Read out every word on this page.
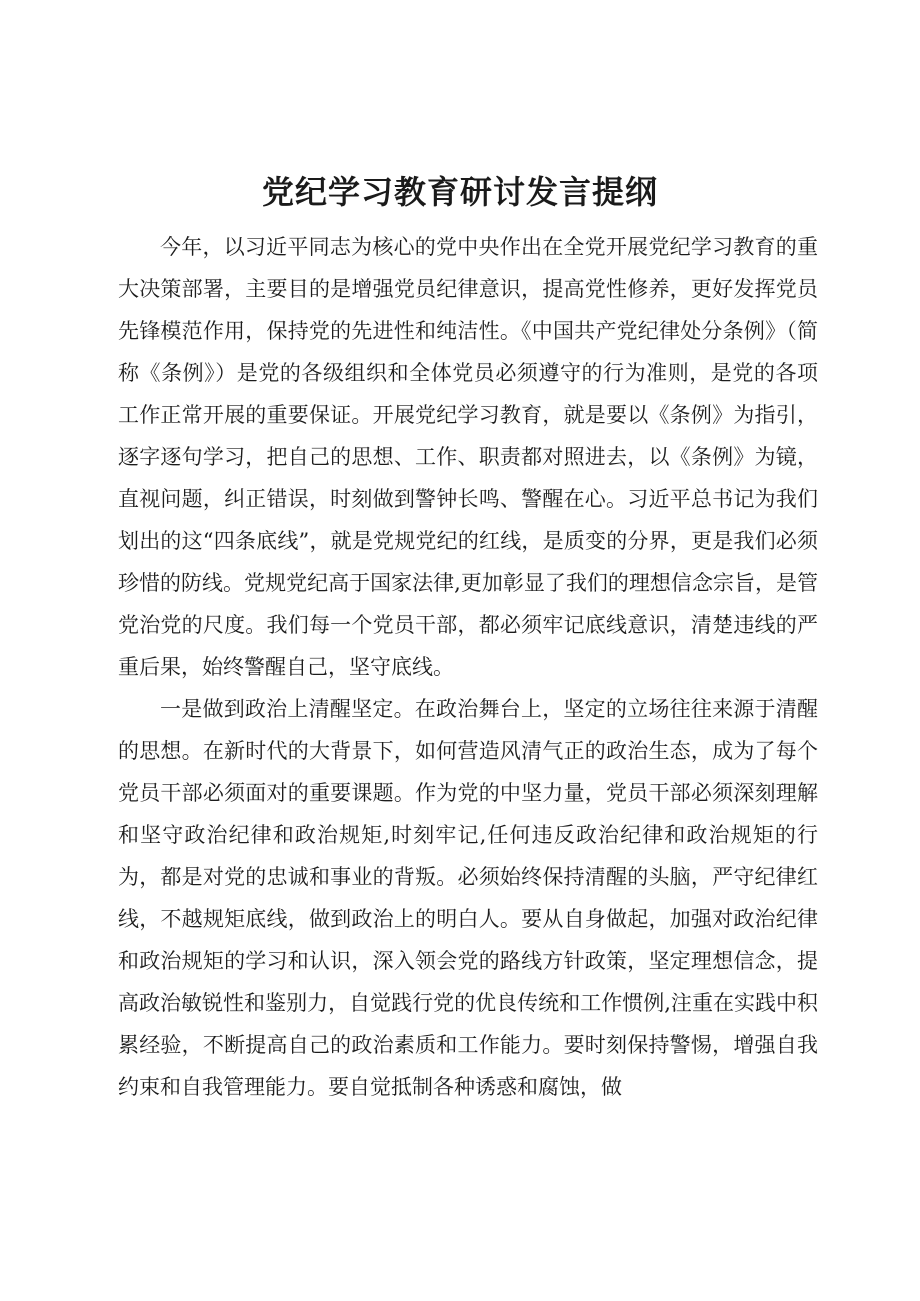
党纪学习教育研讨发言提纲

今年，以习近平同志为核心的党中央作出在全党开展党纪学习教育的重大决策部署，主要目的是增强党员纪律意识，提高党性修养，更好发挥党员先锋模范作用，保持党的先进性和纯洁性。《中国共产党纪律处分条例》（简称《条例》）是党的各级组织和全体党员必须遵守的行为准则，是党的各项工作正常开展的重要保证。开展党纪学习教育，就是要以《条例》为指引，逐字逐句学习，把自己的思想、工作、职责都对照进去，以《条例》为镜，直视问题，纠正错误，时刻做到警钟长鸣、警醒在心。习近平总书记为我们划出的这“四条底线”，就是党规党纪的红线，是质变的分界，更是我们必须珍惜的防线。党规党纪高于国家法律,更加彰显了我们的理想信念宗旨，是管党治党的尺度。我们每一个党员干部，都必须牢记底线意识，清楚违线的严重后果，始终警醒自己，坚守底线。

一是做到政治上清醒坚定。在政治舞台上，坚定的立场往往来源于清醒的思想。在新时代的大背景下，如何营造风清气正的政治生态，成为了每个党员干部必须面对的重要课题。作为党的中坚力量，党员干部必须深刻理解和坚守政治纪律和政治规矩,时刻牢记,任何违反政治纪律和政治规矩的行为，都是对党的忠诚和事业的背叛。必须始终保持清醒的头脑，严守纪律红线，不越规矩底线，做到政治上的明白人。要从自身做起，加强对政治纪律和政治规矩的学习和认识，深入领会党的路线方针政策，坚定理想信念，提高政治敏锐性和鉴别力，自觉践行党的优良传统和工作惯例,注重在实践中积累经验，不断提高自己的政治素质和工作能力。要时刻保持警惕，增强自我约束和自我管理能力。要自觉抵制各种诱惑和腐蚀，做
